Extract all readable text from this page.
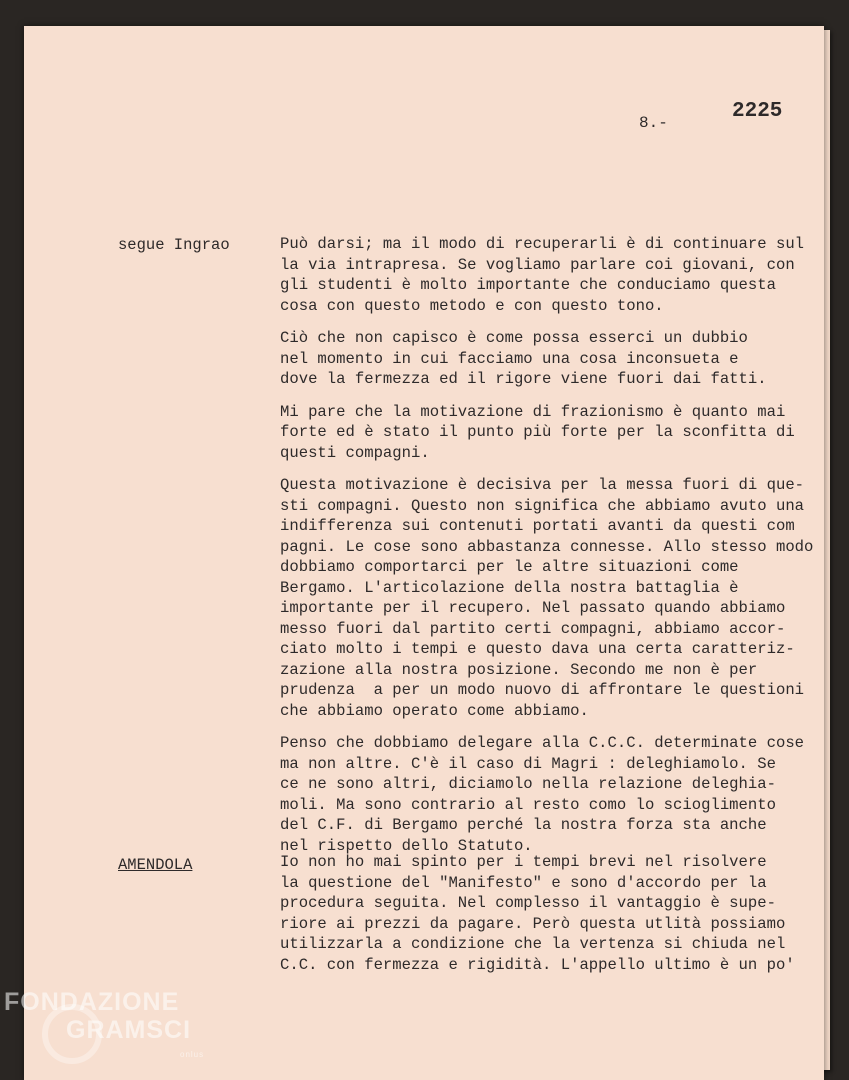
8.-	2225
segue Ingrao	Può darsi; ma il modo di recuperarli è di continuare sul
la via intrapresa. Se vogliamo parlare coi giovani, con
gli studenti è molto importante che conduciamo questa
cosa con questo metodo e con questo tono.

Ciò che non capisco è come possa esserci un dubbio
nel momento in cui facciamo una cosa inconsueta e
dove la fermezza ed il rigore viene fuori dai fatti.

Mi pare che la motivazione di frazionismo è quanto mai
forte ed è stato il punto più forte per la sconfitta di
questi compagni.

Questa motivazione è decisiva per la messa fuori di que-
sti compagni. Questo non significa che abbiamo avuto una
indifferenza sui contenuti portati avanti da questi com
pagni. Le cose sono abbastanza connesse. Allo stesso modo
dobbiamo comportarci per le altre situazioni come
Bergamo. L'articolazione della nostra battaglia è
importante per il recupero. Nel passato quando abbiamo
messo fuori dal partito certi compagni, abbiamo accor-
ciato molto i tempi e questo dava una certa caratteriz-
zazione alla nostra posizione. Secondo me non è per
prudenza  a per un modo nuovo di affrontare le questioni
che abbiamo operato come abbiamo.

Penso che dobbiamo delegare alla C.C.C. determinate cose
ma non altre. C'è il caso di Magri : deleghiamolo. Se
ce ne sono altri, diciamolo nella relazione deleghia-
moli. Ma sono contrario al resto como lo scioglimento
del C.F. di Bergamo perché la nostra forza sta anche
nel rispetto dello Statuto.

AMENDOLA	Io non ho mai spinto per i tempi brevi nel risolvere
la questione del "Manifesto" e sono d'accordo per la
procedura seguita. Nel complesso il vantaggio è supe-
riore ai prezzi da pagare. Però questa utlità possiamo
utilizzarla a condizione che la vertenza si chiuda nel
C.C. con fermezza e rigidità. L'appello ultimo è un po'

FONDAZIONE
GRAMSCI
onlus
